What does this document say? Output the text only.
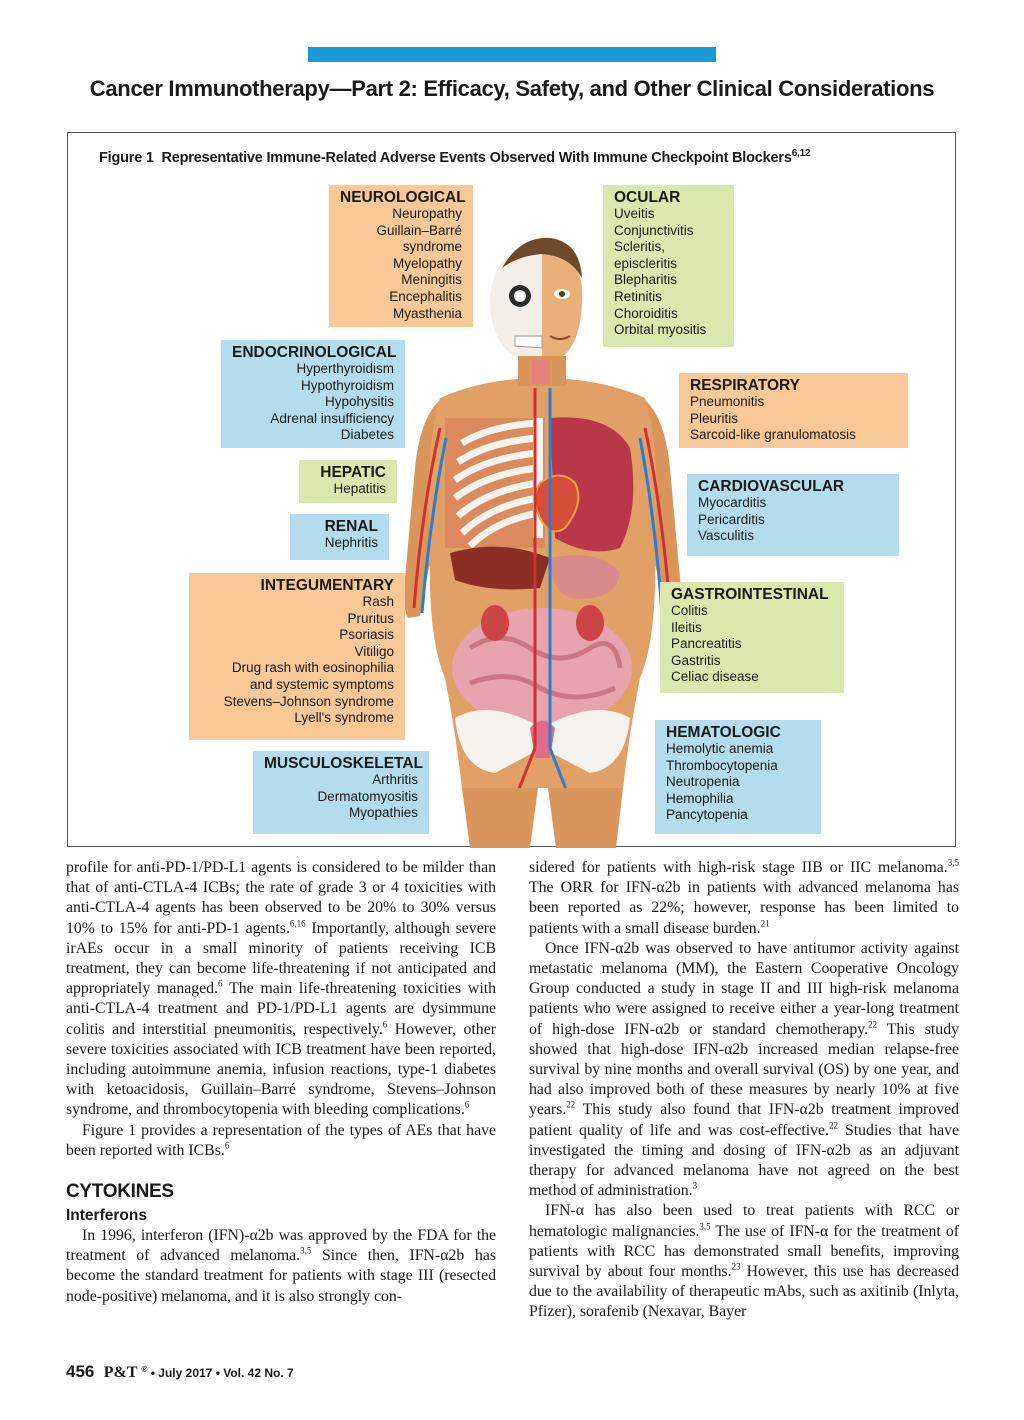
Cancer Immunotherapy—Part 2: Efficacy, Safety, and Other Clinical Considerations
Figure 1 Representative Immune-Related Adverse Events Observed With Immune Checkpoint Blockers$^{6,12}$
NEUROLOGICAL
Neuropathy
Guillain–Barré
syndrome
Myelopathy
Meningitis
Encephalitis
Myasthenia
OCULAR
Uveitis
Conjunctivitis
Scleritis,
episcleritis
Blepharitis
Retinitis
Choroiditis
Orbital myositis
ENDOCRINOLOGICAL
Hyperthyroidism
Hypothyroidism
Hypohysitis
Adrenal insufficiency
Diabetes
RESPIRATORY
Pneumonitis
Pleuritis
Sarcoid-like granulomatosis
HEPATIC
Hepatitis	CARDIOVASCULAR
Myocarditis
Pericarditis
Vasculitis
RENAL
Nephritis
INTEGUMENTARY
Rash
Pruritus
Psoriasis
Vitiligo
Drug rash with eosinophilia
and systemic symptoms
Stevens–Johnson syndrome
Lyell's syndrome
GASTROINTESTINAL
Colitis
Ileitis
Pancreatitis
Gastritis
Celiac disease
MUSCULOSKELETAL
Arthritis
Dermatomyositis
Myopathies
HEMATOLOGIC
Hemolytic anemia
Thrombocytopenia
Neutropenia
Hemophilia
Pancytopenia

profile for anti-PD-1/PD-L1 agents is considered to be milder than that of anti-CTLA-4 ICBs; the rate of grade 3 or 4 toxicities with anti-CTLA-4 agents has been observed to be 20% to 30% versus 10% to 15% for anti-PD-1 agents.$^{6,16}$ Importantly, although severe irAEs occur in a small minority of patients receiving ICB treatment, they can become life-threatening if not anticipated and appropriately managed.$^6$ The main life-threatening toxicities with anti-CTLA-4 treatment and PD-1/PD-L1 agents are dysimmune colitis and interstitial pneumonitis, respectively.$^6$ However, other severe toxicities associated with ICB treatment have been reported, including autoimmune anemia, infusion reactions, type-1 diabetes with ketoacidosis, Guillain–Barré syndrome, Stevens–Johnson syndrome, and thrombocytopenia with bleeding complications.$^6$

Figure 1 provides a representation of the types of AEs that have been reported with ICBs.$^6$

CYTOKINES
Interferons

In 1996, interferon (IFN)-α2b was approved by the FDA for the treatment of advanced melanoma.$^{3,5}$ Since then, IFN-α2b has become the standard treatment for patients with stage III (resected node-positive) melanoma, and it is also strongly con-

sidered for patients with high-risk stage IIB or IIC melanoma.$^{3,5}$ The ORR for IFN-α2b in patients with advanced melanoma has been reported as 22%; however, response has been limited to patients with a small disease burden.$^{21}$

Once IFN-α2b was observed to have antitumor activity against metastatic melanoma (MM), the Eastern Cooperative Oncology Group conducted a study in stage II and III high-risk melanoma patients who were assigned to receive either a year-long treatment of high-dose IFN-α2b or standard chemotherapy.$^{22}$ This study showed that high-dose IFN-α2b increased median relapse-free survival by nine months and overall survival (OS) by one year, and had also improved both of these measures by nearly 10% at five years.$^{22}$ This study also found that IFN-α2b treatment improved patient quality of life and was cost-effective.$^{22}$ Studies that have investigated the timing and dosing of IFN-α2b as an adjuvant therapy for advanced melanoma have not agreed on the best method of administration.$^3$

IFN-α has also been used to treat patients with RCC or hematologic malignancies.$^{3,5}$ The use of IFN-α for the treatment of patients with RCC has demonstrated small benefits, improving survival by about four months.$^{23}$ However, this use has decreased due to the availability of therapeutic mAbs, such as axitinib (Inlyta, Pfizer), sorafenib (Nexavar, Bayer

456 P&T ® • July 2017 • Vol. 42 No. 7
